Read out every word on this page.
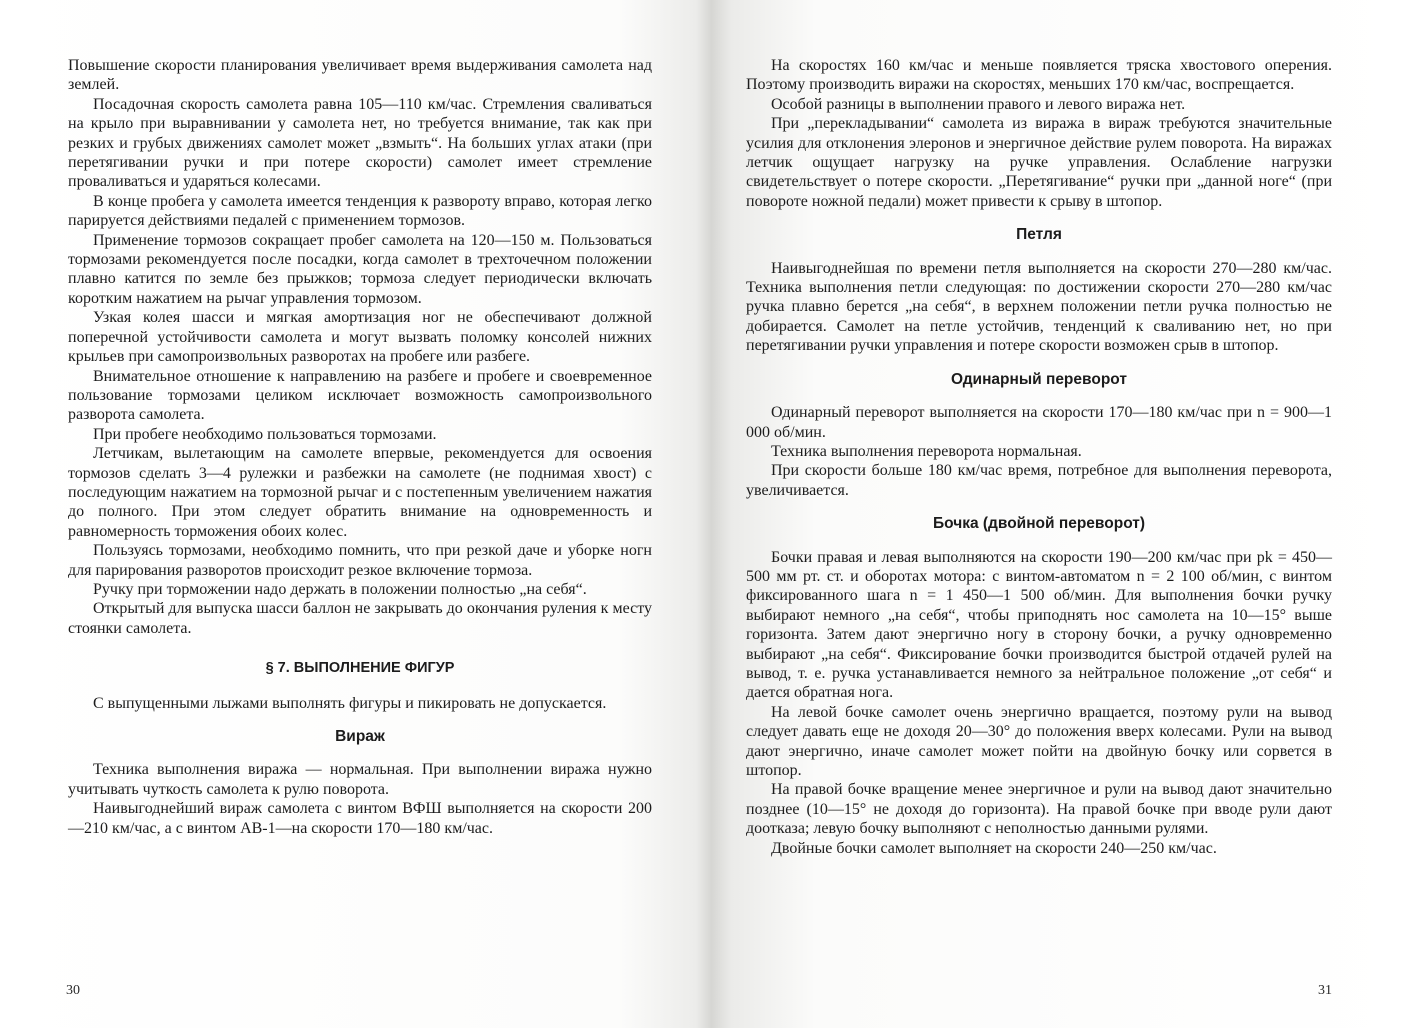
Повышение скорости планирования увеличивает время выдерживания самолета над землей.

Посадочная скорость самолета равна 105—110 км/час. Стремления сваливаться на крыло при выравнивании у самолета нет, но требуется внимание, так как при резких и грубых движениях самолет может „взмыть“. На больших углах атаки (при перетягивании ручки и при потере скорости) самолет имеет стремление проваливаться и ударяться колесами.

В конце пробега у самолета имеется тенденция к развороту вправо, которая легко парируется действиями педалей с применением тормозов.

Применение тормозов сокращает пробег самолета на 120—150 м. Пользоваться тормозами рекомендуется после посадки, когда самолет в трехточечном положении плавно катится по земле без прыжков; тормоза следует периодически включать коротким нажатием на рычаг управления тормозом.

Узкая колея шасси и мягкая амортизация ног не обеспечивают должной поперечной устойчивости самолета и могут вызвать поломку консолей нижних крыльев при самопроизвольных разворотах на пробеге или разбеге.

Внимательное отношение к направлению на разбеге и пробеге и своевременное пользование тормозами целиком исключает возможность самопроизвольного разворота самолета.

При пробеге необходимо пользоваться тормозами.

Летчикам, вылетающим на самолете впервые, рекомендуется для освоения тормозов сделать 3—4 рулежки и разбежки на самолете (не поднимая хвост) с последующим нажатием на тормозной рычаг и с постепенным увеличением нажатия до полного. При этом следует обратить внимание на одновременность и равномерность торможения обоих колес.

Пользуясь тормозами, необходимо помнить, что при резкой даче и уборке ногн для парирования разворотов происходит резкое включение тормоза.

Ручку при торможении надо держать в положении полностью „на себя“.

Открытый для выпуска шасси баллон не закрывать до окончания руления к месту стоянки самолета.

§ 7. ВЫПОЛНЕНИЕ ФИГУР

С выпущенными лыжами выполнять фигуры и пикировать не допускается.

Вираж

Техника выполнения виража — нормальная. При выполнении виража нужно учитывать чуткость самолета к рулю поворота.

Наивыгоднейший вираж самолета с винтом ВФШ выполняется на скорости 200—210 км/час, а с винтом АВ-1—на скорости 170—180 км/час.

30

На скоростях 160 км/час и меньше появляется тряска хвостового оперения. Поэтому производить виражи на скоростях, меньших 170 км/час, воспрещается.

Особой разницы в выполнении правого и левого виража нет.

При „перекладывании“ самолета из виража в вираж требуются значительные усилия для отклонения элеронов и энергичное действие рулем поворота. На виражах летчик ощущает нагрузку на ручке управления. Ослабление нагрузки свидетельствует о потере скорости. „Перетягивание“ ручки при „данной ноге“ (при повороте ножной педали) может привести к срыву в штопор.

Петля

Наивыгоднейшая по времени петля выполняется на скорости 270—280 км/час. Техника выполнения петли следующая: по достижении скорости 270—280 км/час ручка плавно берется „на себя“, в верхнем положении петли ручка полностью не добирается. Самолет на петле устойчив, тенденций к сваливанию нет, но при перетягивании ручки управления и потере скорости возможен срыв в штопор.

Одинарный переворот

Одинарный переворот выполняется на скорости 170—180 км/час при n = 900—1 000 об/мин.

Техника выполнения переворота нормальная.

При скорости больше 180 км/час время, потребное для выполнения переворота, увеличивается.

Бочка (двойной переворот)

Бочки правая и левая выполняются на скорости 190—200 км/час при pk = 450—500 мм рт. ст. и оборотах мотора: с винтом-автоматом n = 2 100 об/мин, с винтом фиксированного шага n = 1 450—1 500 об/мин. Для выполнения бочки ручку выбирают немного „на себя“, чтобы приподнять нос самолета на 10—15° выше горизонта. Затем дают энергично ногу в сторону бочки, а ручку одновременно выбирают „на себя“. Фиксирование бочки производится быстрой отдачей рулей на вывод, т. е. ручка устанавливается немного за нейтральное положение „от себя“ и дается обратная нога.

На левой бочке самолет очень энергично вращается, поэтому рули на вывод следует давать еще не доходя 20—30° до положения вверх колесами. Рули на вывод дают энергично, иначе самолет может пойти на двойную бочку или сорвется в штопор.

На правой бочке вращение менее энергичное и рули на вывод дают значительно позднее (10—15° не доходя до горизонта). На правой бочке при вводе рули дают доотказа; левую бочку выполняют с неполностью данными рулями.

Двойные бочки самолет выполняет на скорости 240—250 км/час.

31
